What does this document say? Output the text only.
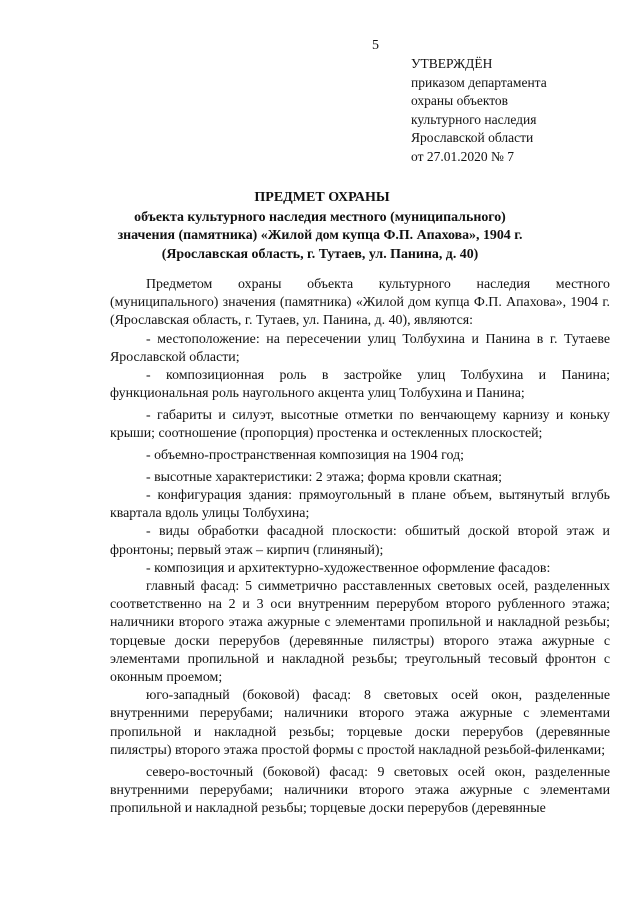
5
УТВЕРЖДЁН
приказом департамента
охраны объектов
культурного наследия
Ярославской области
от 27.01.2020 № 7
ПРЕДМЕТ ОХРАНЫ
объекта культурного наследия местного (муниципального) значения (памятника) «Жилой дом купца Ф.П. Апахова», 1904 г. (Ярославская область, г. Тутаев, ул. Панина, д. 40)

Предметом охраны объекта культурного наследия местного (муниципального) значения (памятника) «Жилой дом купца Ф.П. Апахова», 1904 г. (Ярославская область, г. Тутаев, ул. Панина, д. 40), являются:

- местоположение: на пересечении улиц Толбухина и Панина в г. Тутаеве Ярославской области;

- композиционная роль в застройке улиц Толбухина и Панина; функциональная роль наугольного акцента улиц Толбухина и Панина;

- габариты и силуэт, высотные отметки по венчающему карнизу и коньку крыши; соотношение (пропорция) простенка и остекленных плоскостей;

- объемно-пространственная композиция на 1904 год;

- высотные характеристики: 2 этажа; форма кровли скатная;

- конфигурация здания: прямоугольный в плане объем, вытянутый вглубь квартала вдоль улицы Толбухина;

- виды обработки фасадной плоскости: обшитый доской второй этаж и фронтоны; первый этаж – кирпич (глиняный);

- композиция и архитектурно-художественное оформление фасадов:

главный фасад: 5 симметрично расставленных световых осей, разделенных соответственно на 2 и 3 оси внутренним перерубом второго рубленного этажа; наличники второго этажа ажурные с элементами пропильной и накладной резьбы; торцевые доски перерубов (деревянные пилястры) второго этажа ажурные с элементами пропильной и накладной резьбы; треугольный тесовый фронтон с оконным проемом;

юго-западный (боковой) фасад: 8 световых осей окон, разделенные внутренними перерубами; наличники второго этажа ажурные с элементами пропильной и накладной резьбы; торцевые доски перерубов (деревянные пилястры) второго этажа простой формы с простой накладной резьбой-филенками;

северо-восточный (боковой) фасад: 9 световых осей окон, разделенные внутренними перерубами; наличники второго этажа ажурные с элементами пропильной и накладной резьбы; торцевые доски перерубов (деревянные
